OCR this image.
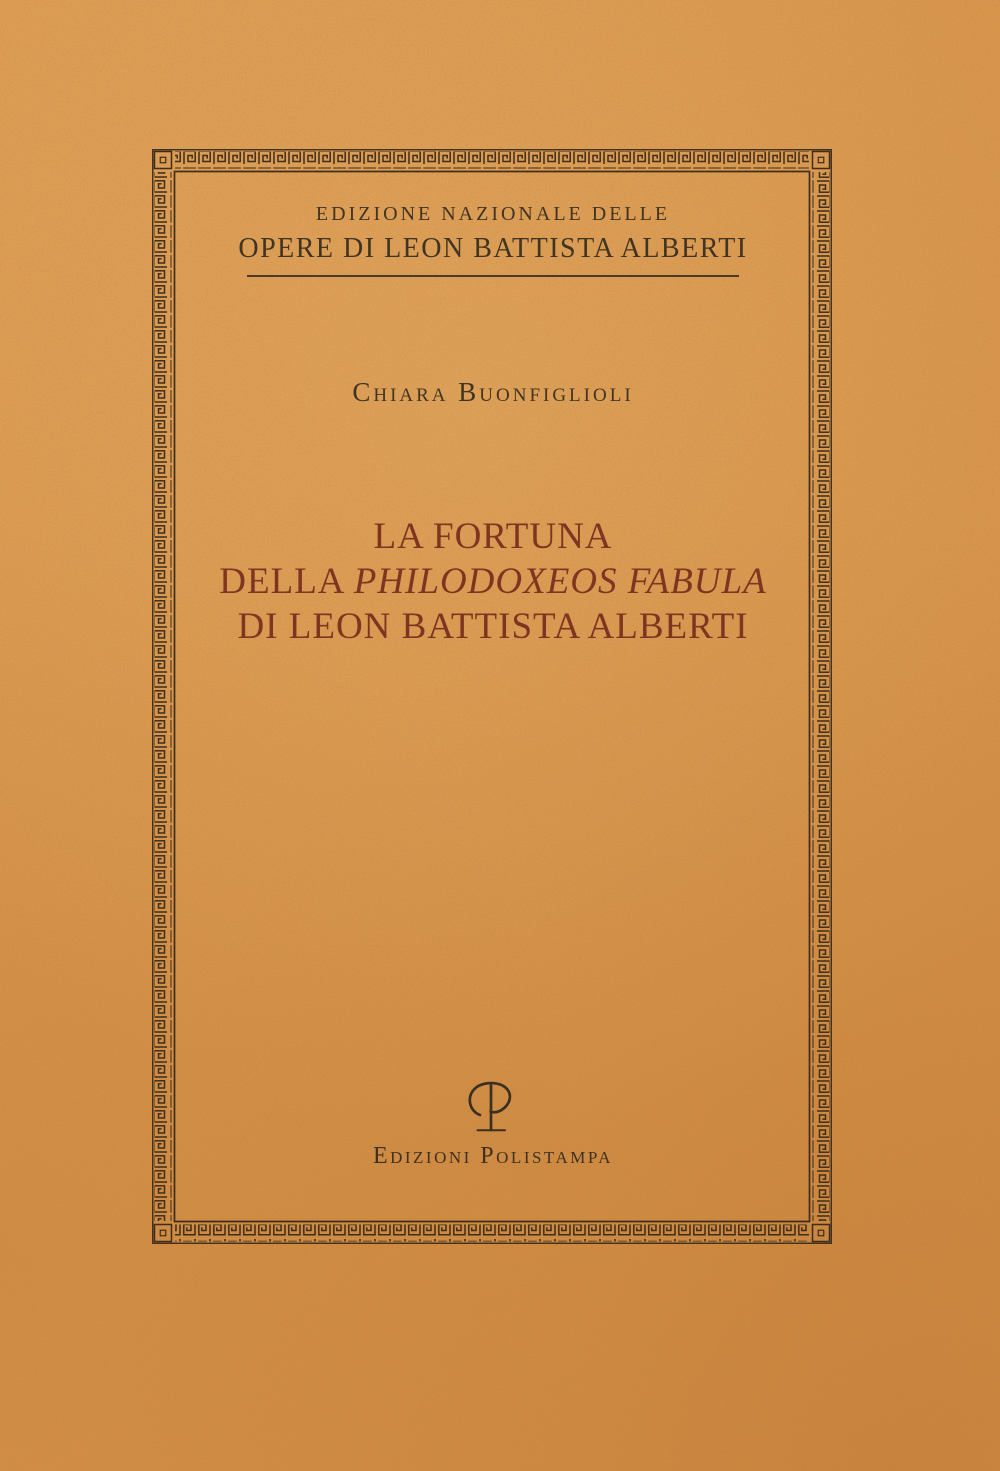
EDIZIONE NAZIONALE DELLE
OPERE DI LEON BATTISTA ALBERTI
Chiara Buonfiglioli
LA FORTUNA
DELLA PHILODOXEOS FABULA
DI LEON BATTISTA ALBERTI
Edizioni Polistampa
